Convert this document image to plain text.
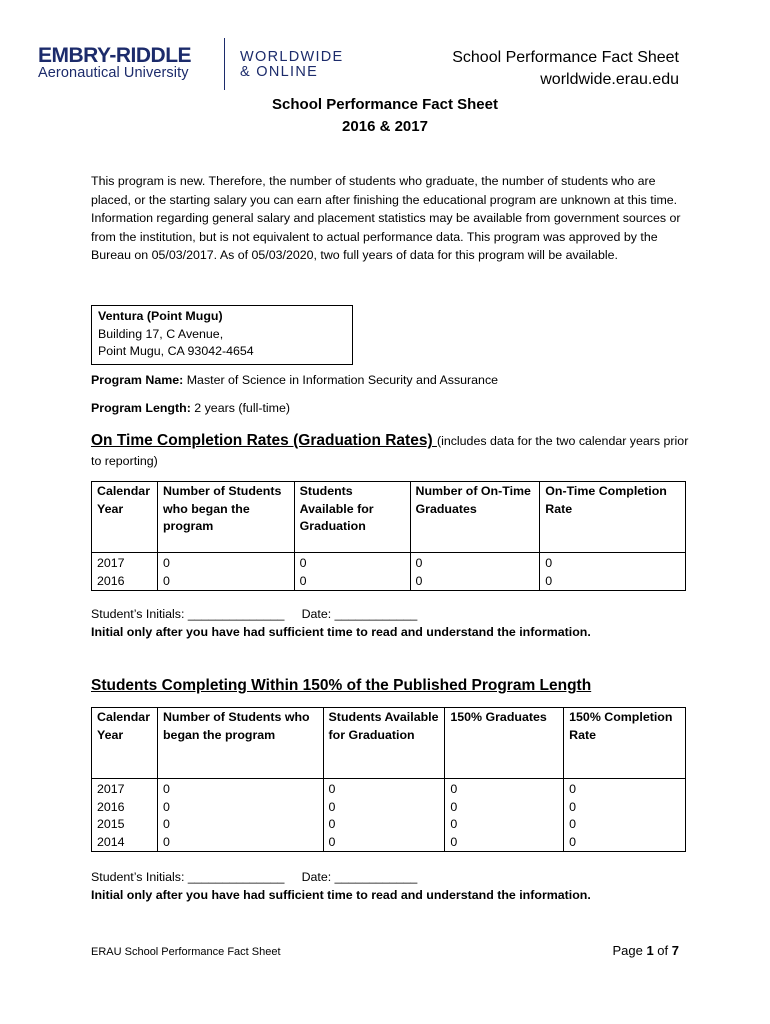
EMBRY-RIDDLE
Aeronautical University
WORLDWIDE
& ONLINE
School Performance Fact Sheet
worldwide.erau.edu
School Performance Fact Sheet
2016 & 2017
This program is new. Therefore, the number of students who graduate, the number of students who are placed, or the starting salary you can earn after finishing the educational program are unknown at this time. Information regarding general salary and placement statistics may be available from government sources or from the institution, but is not equivalent to actual performance data. This program was approved by the Bureau on 05/03/2017. As of 05/03/2020, two full years of data for this program will be available.
Ventura (Point Mugu)
Building 17, C Avenue,
Point Mugu, CA 93042-4654
Program Name: Master of Science in Information Security and Assurance
Program Length: 2 years (full-time)
On Time Completion Rates (Graduation Rates) (includes data for the two calendar years prior to reporting)
Calendar Year	Number of Students who began the program	Students Available for Graduation	Number of On-Time Graduates	On-Time Completion Rate
2017	0	0	0	0
2016	0	0	0	0
Student’s Initials: ______________     Date: ____________
Initial only after you have had sufficient time to read and understand the information.
Students Completing Within 150% of the Published Program Length
Calendar Year	Number of Students who began the program	Students Available for Graduation	150% Graduates	150% Completion Rate
2017	0	0	0	0
2016	0	0	0	0
2015	0	0	0	0
2014	0	0	0	0
Student’s Initials: ______________     Date: ____________
Initial only after you have had sufficient time to read and understand the information.
ERAU School Performance Fact Sheet	Page 1 of 7
